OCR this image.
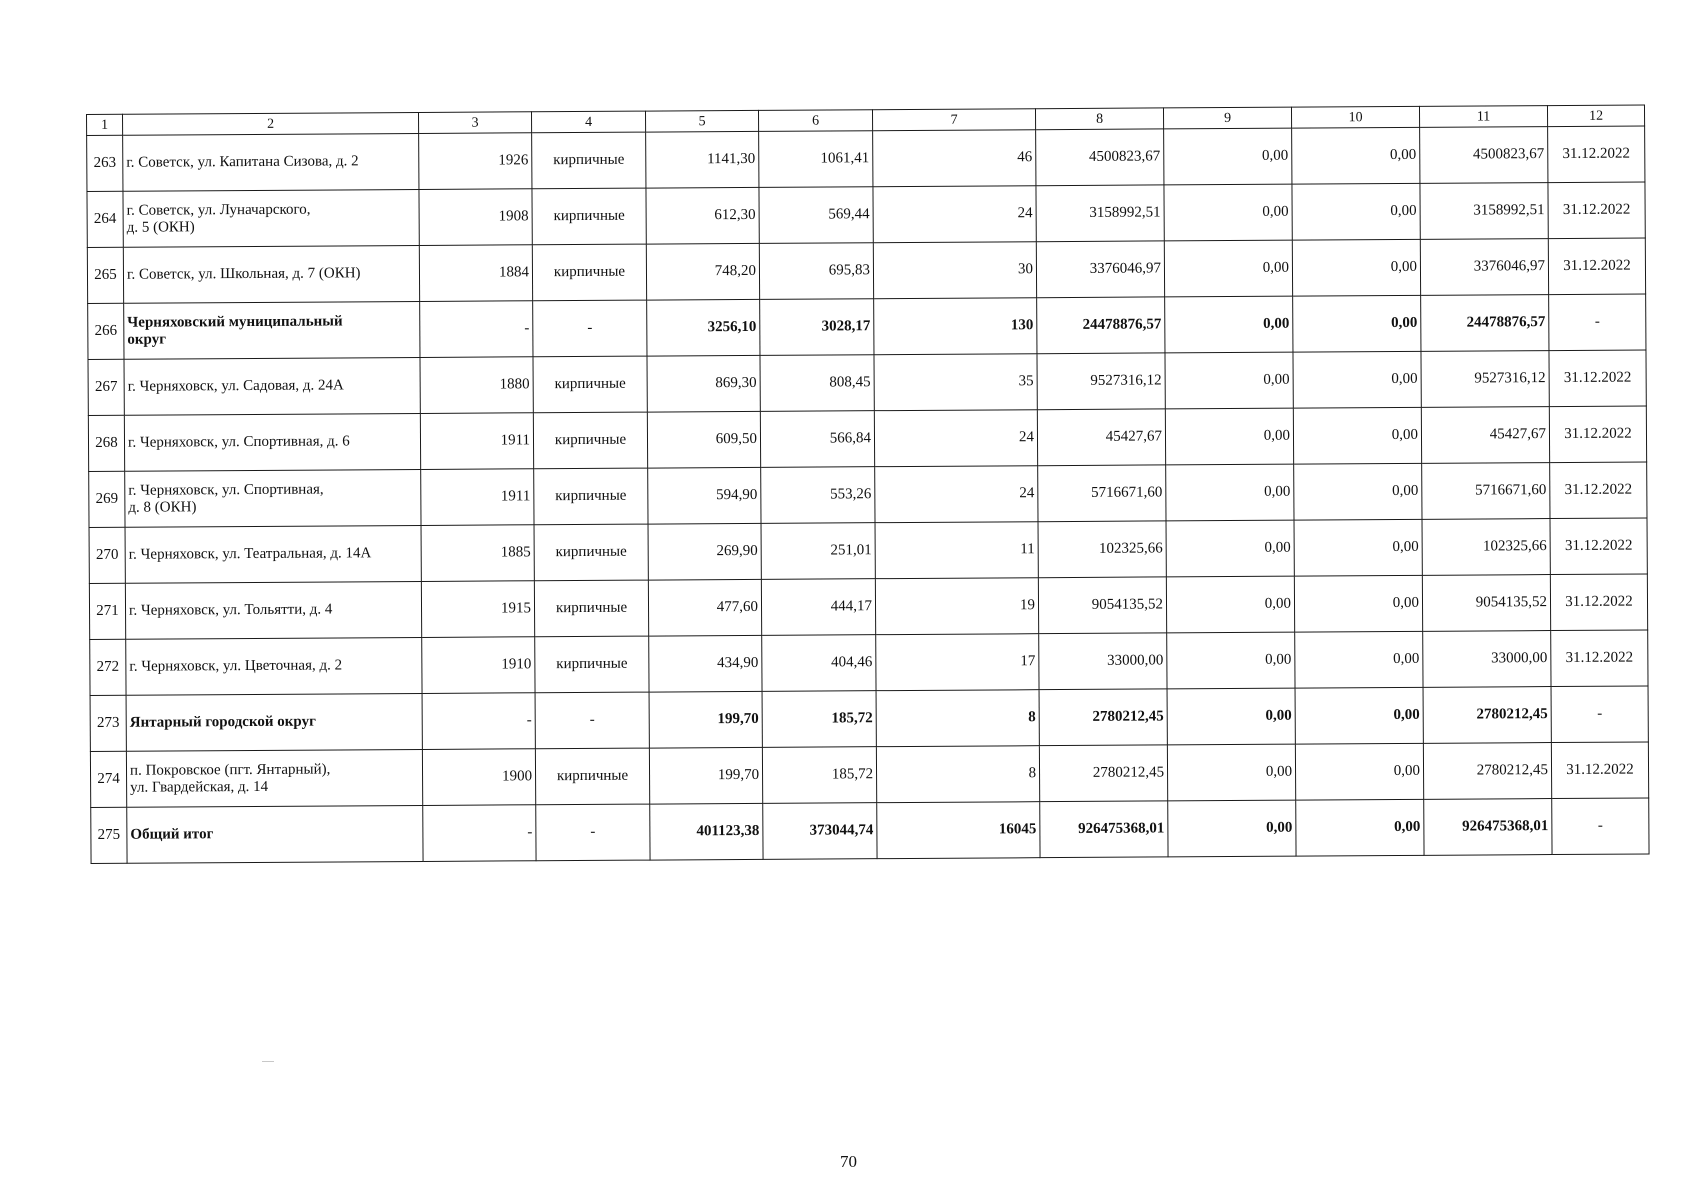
1	2	3	4	5	6	7	8	9	10	11	12
263	г. Советск, ул. Капитана Сизова, д. 2	1926	кирпичные	1141,30	1061,41	46	4500823,67	0,00	0,00	4500823,67	31.12.2022
264	г. Советск, ул. Луначарского,
д. 5 (ОКН)	1908	кирпичные	612,30	569,44	24	3158992,51	0,00	0,00	3158992,51	31.12.2022
265	г. Советск, ул. Школьная, д. 7 (ОКН)	1884	кирпичные	748,20	695,83	30	3376046,97	0,00	0,00	3376046,97	31.12.2022
266	Черняховский муниципальный
округ	-	-	3256,10	3028,17	130	24478876,57	0,00	0,00	24478876,57	-
267	г. Черняховск, ул. Садовая, д. 24А	1880	кирпичные	869,30	808,45	35	9527316,12	0,00	0,00	9527316,12	31.12.2022
268	г. Черняховск, ул. Спортивная, д. 6	1911	кирпичные	609,50	566,84	24	45427,67	0,00	0,00	45427,67	31.12.2022
269	г. Черняховск, ул. Спортивная,
д. 8 (ОКН)	1911	кирпичные	594,90	553,26	24	5716671,60	0,00	0,00	5716671,60	31.12.2022
270	г. Черняховск, ул. Театральная, д. 14А	1885	кирпичные	269,90	251,01	11	102325,66	0,00	0,00	102325,66	31.12.2022
271	г. Черняховск, ул. Тольятти, д. 4	1915	кирпичные	477,60	444,17	19	9054135,52	0,00	0,00	9054135,52	31.12.2022
272	г. Черняховск, ул. Цветочная, д. 2	1910	кирпичные	434,90	404,46	17	33000,00	0,00	0,00	33000,00	31.12.2022
273	Янтарный городской округ	-	-	199,70	185,72	8	2780212,45	0,00	0,00	2780212,45	-
274	п. Покровское (пгт. Янтарный),
ул. Гвардейская, д. 14	1900	кирпичные	199,70	185,72	8	2780212,45	0,00	0,00	2780212,45	31.12.2022
275	Общий итог	-	-	401123,38	373044,74	16045	926475368,01	0,00	0,00	926475368,01	-
70
